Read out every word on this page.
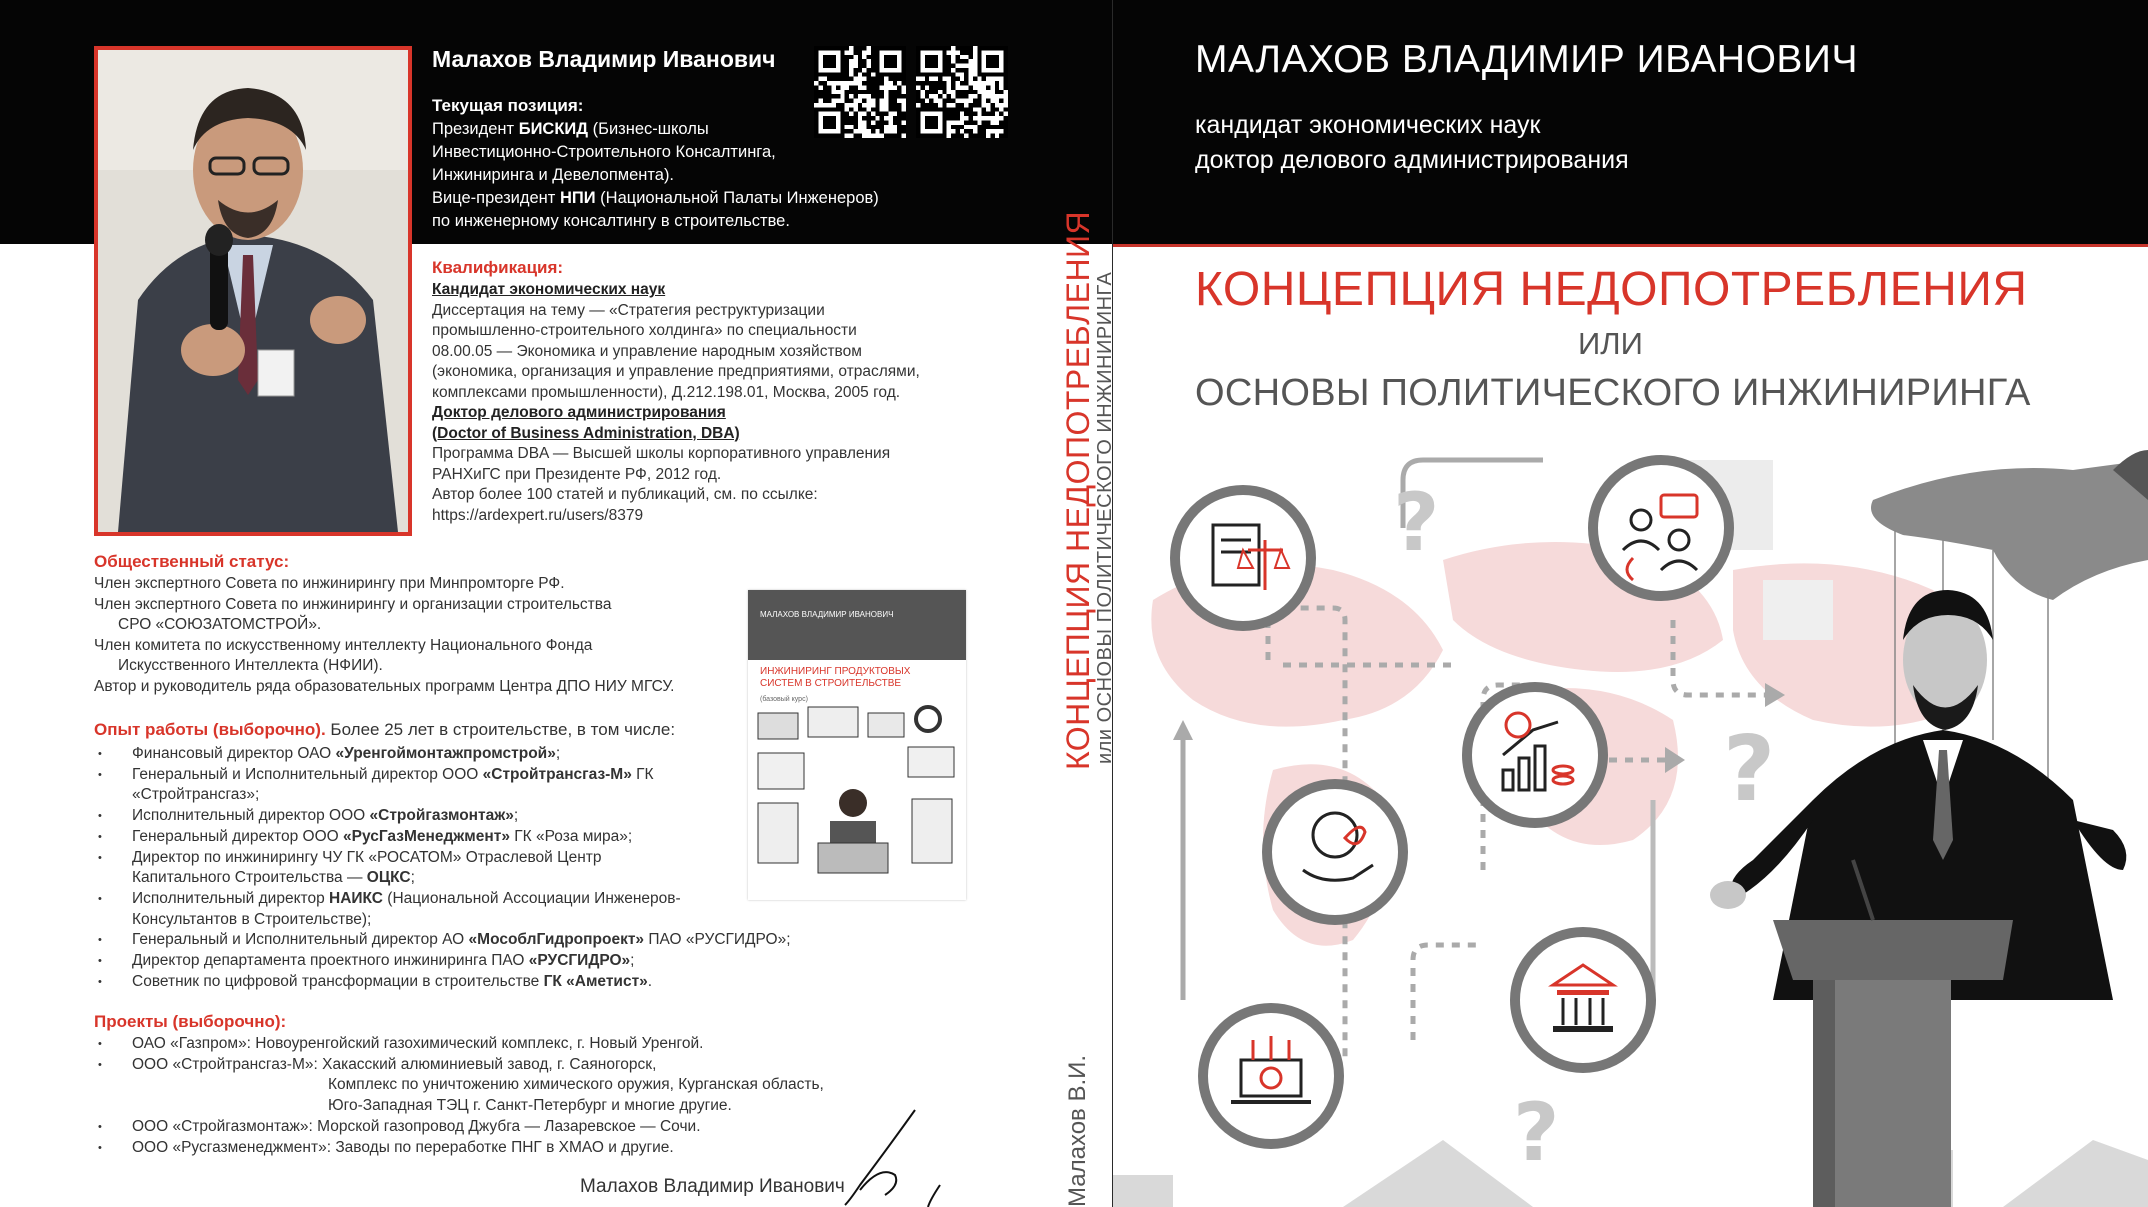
Малахов Владимир Иванович
Текущая позиция:
Президент БИСКИД (Бизнес-школы
Инвестиционно-Строительного Консалтинга,
Инжиниринга и Девелопмента).
Вице-президент НПИ (Национальной Палаты Инженеров)
по инженерному консалтингу в строительстве.
Квалификация:
Кандидат экономических наук
Диссертация на тему — «Стратегия реструктуризации
промышленно-строительного холдинга» по специальности
08.00.05 — Экономика и управление народным хозяйством
(экономика, организация и управление предприятиями, отраслями,
комплексами промышленности), Д.212.198.01, Москва, 2005 год.
Доктор делового администрирования
(Doctor of Business Administration, DBA)
Программа DBA — Высшей школы корпоративного управления
РАНХиГС при Президенте РФ, 2012 год.
Автор более 100 статей и публикаций, см. по ссылке:
https://ardexpert.ru/users/8379
Общественный статус:
Член экспертного Совета по инжинирингу при Минпромторге РФ.
Член экспертного Совета по инжинирингу и организации строительства
СРО «СОЮЗАТОМСТРОЙ».
Член комитета по искусственному интеллекту Национального Фонда
Искусственного Интеллекта (НФИИ).
Автор и руководитель ряда образовательных программ Центра ДПО НИУ МГСУ.
Опыт работы (выборочно). Более 25 лет в строительстве, в том числе:
• Финансовый директор ОАО «Уренгоймонтажпромстрой»;
• Генеральный и Исполнительный директор ООО «Стройтрансгаз-М» ГК
«Стройтрансгаз»;
• Исполнительный директор ООО «Стройгазмонтаж»;
• Генеральный директор ООО «РусГазМенеджмент» ГК «Роза мира»;
• Директор по инжинирингу ЧУ ГК «РОСАТОМ» Отраслевой Центр
Капитального Строительства — ОЦКС;
• Исполнительный директор НАИКС (Национальной Ассоциации Инженеров-
Консультантов в Строительстве);
• Генеральный и Исполнительный директор АО «МособлГидропроект» ПАО «РУСГИДРО»;
• Директор департамента проектного инжиниринга ПАО «РУСГИДРО»;
• Советник по цифровой трансформации в строительстве ГК «Аметист».
Проекты (выборочно):
• ОАО «Газпром»: Новоуренгойский газохимический комплекс, г. Новый Уренгой.
• ООО «Стройтрансгаз-М»: Хакасский алюминиевый завод, г. Саяногорск,
Комплекс по уничтожению химического оружия, Курганская область,
Юго-Западная ТЭЦ г. Санкт-Петербург и многие другие.
• ООО «Стройгазмонтаж»: Морской газопровод Джубга — Лазаревское — Сочи.
• ООО «Русгазменеджмент»: Заводы по переработке ПНГ в ХМАО и другие.
Малахов Владимир Иванович
МАЛАХОВ ВЛАДИМИР ИВАНОВИЧ
ИНЖИНИРИНГ ПРОДУКТОВЫХ СИСТЕМ В СТРОИТЕЛЬСТВЕ
(базовый курс)	КОНЦЕПЦИЯ НЕДОПОТРЕБЛЕНИЯ
или ОСНОВЫ ПОЛИТИЧЕСКОГО ИНЖИНИРИНГА
Малахов В.И.
МАЛАХОВ ВЛАДИМИР ИВАНОВИЧ
кандидат экономических наук
доктор делового администрирования
КОНЦЕПЦИЯ НЕДОПОТРЕБЛЕНИЯ
ИЛИ
ОСНОВЫ ПОЛИТИЧЕСКОГО ИНЖИНИРИНГА
?
?
?
